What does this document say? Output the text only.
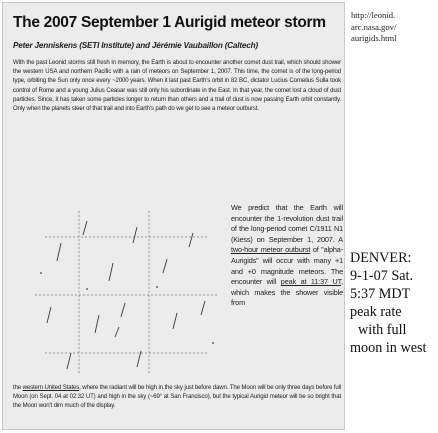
The 2007 September 1 Aurigid meteor storm
Peter Jenniskens (SETI Institute) and Jérémie Vaubaillon (Caltech)

With the past Leonid storms still fresh in memory, the Earth is about to encounter another comet dust trail, which should shower the western USA and northern Pacific with a rain of meteors on September 1, 2007. This time, the comet is of the long-period type, orbiting the Sun only once every ~2000 years. When it last past Earth's orbit in 82 BC, dictator Lucius Cornelius Sulla took control of Rome and a young Julius Ceasar was still only his subordinate in the East. In that year, the comet lost a cloud of dust particles. Since, it has taken some particles longer to return than others and a trail of dust is now passing Earth orbit constantly. Only when the planets steer of that trail and into Earth's path do we get to see a meteor outburst.

We predict that the Earth will encounter the 1-revolution dust trail of the long-period comet C/1911 N1 (Kiess) on September 1, 2007. A two-hour meteor outburst of "alpha-Aurigids" will occur with many +1 and +0 magnitude meteors. The encounter will peak at 11:37 UT, which makes the shower visible from

the western United States, where the radiant will be high in the sky just before dawn. The Moon will be only three days before full Moon (on Sept. 04 at 02:32 UT) and high in the sky (~69° at San Francisco), but the typical Aurigid meteor will be so bright that the Moon won't dim much of the display.

http://leonid.
arc.nasa.gov/
aurigids.html
DENVER:
9-1-07 Sat.
5:37 MDT
peak rate
with full
moon in west
